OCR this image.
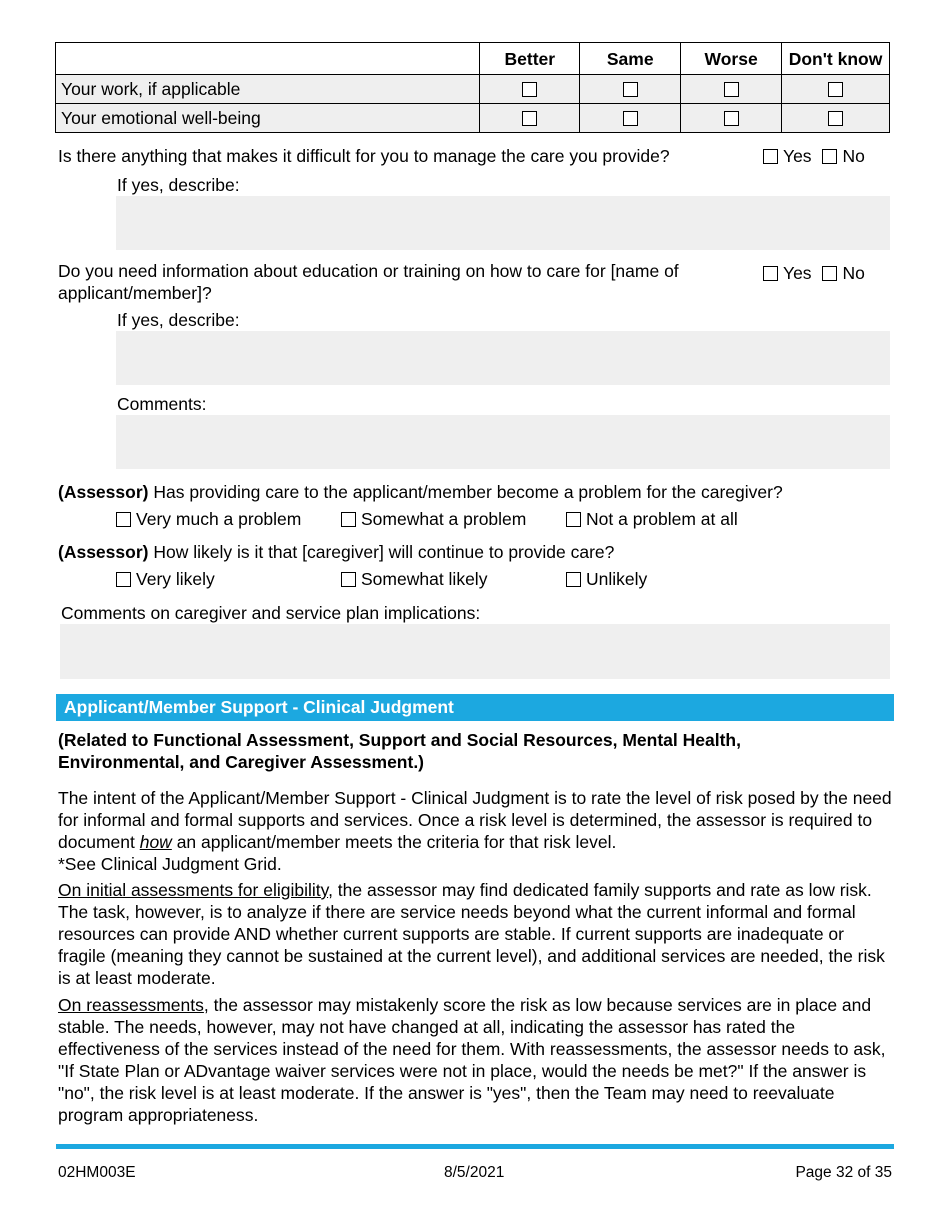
	Better	Same	Worse	Don't know
Your work, if applicable				
Your emotional well-being				
Is there anything that makes it difficult for you to manage the care you provide?	Yes No
If yes, describe:
Do you need information about education or training on how to care for [name of applicant/member]?
Yes No
If yes, describe:
Comments:
(Assessor) Has providing care to the applicant/member become a problem for the caregiver?
Very much a problem	Somewhat a problem	Not a problem at all
(Assessor) How likely is it that [caregiver] will continue to provide care?
Very likely	Somewhat likely	Unlikely
Comments on caregiver and service plan implications:
Applicant/Member Support - Clinical Judgment
(Related to Functional Assessment, Support and Social Resources, Mental Health, Environmental, and Caregiver Assessment.)
The intent of the Applicant/Member Support - Clinical Judgment is to rate the level of risk posed by the need for informal and formal supports and services. Once a risk level is determined, the assessor is required to document how an applicant/member meets the criteria for that risk level.
*See Clinical Judgment Grid.
On initial assessments for eligibility, the assessor may find dedicated family supports and rate as low risk. The task, however, is to analyze if there are service needs beyond what the current informal and formal resources can provide AND whether current supports are stable. If current supports are inadequate or fragile (meaning they cannot be sustained at the current level), and additional services are needed, the risk is at least moderate.
On reassessments, the assessor may mistakenly score the risk as low because services are in place and stable. The needs, however, may not have changed at all, indicating the assessor has rated the effectiveness of the services instead of the need for them. With reassessments, the assessor needs to ask, "If State Plan or ADvantage waiver services were not in place, would the needs be met?" If the answer is "no", the risk level is at least moderate. If the answer is "yes", then the Team may need to reevaluate program appropriateness.
02HM003E	8/5/2021	Page 32 of 35
